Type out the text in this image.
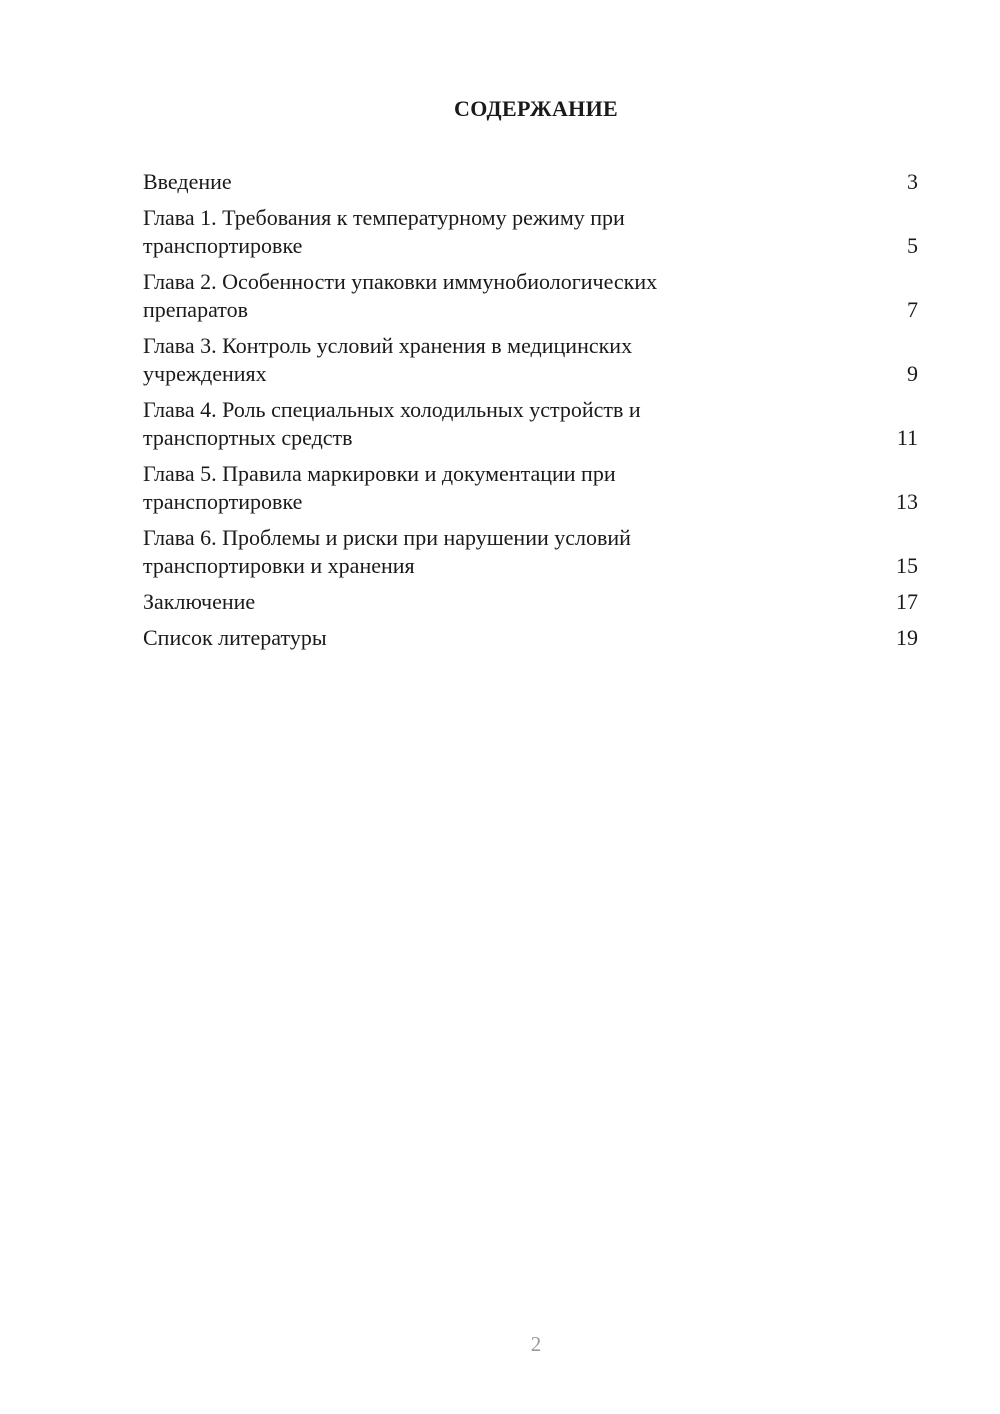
СОДЕРЖАНИЕ
Введение	3
Глава 1. Требования к температурному режиму при транспортировке	5
Глава 2. Особенности упаковки иммунобиологических препаратов	7
Глава 3. Контроль условий хранения в медицинских учреждениях	9
Глава 4. Роль специальных холодильных устройств и транспортных средств	11
Глава 5. Правила маркировки и документации при транспортировке	13
Глава 6. Проблемы и риски при нарушении условий транспортировки и хранения	15
Заключение	17
Список литературы	19
2
